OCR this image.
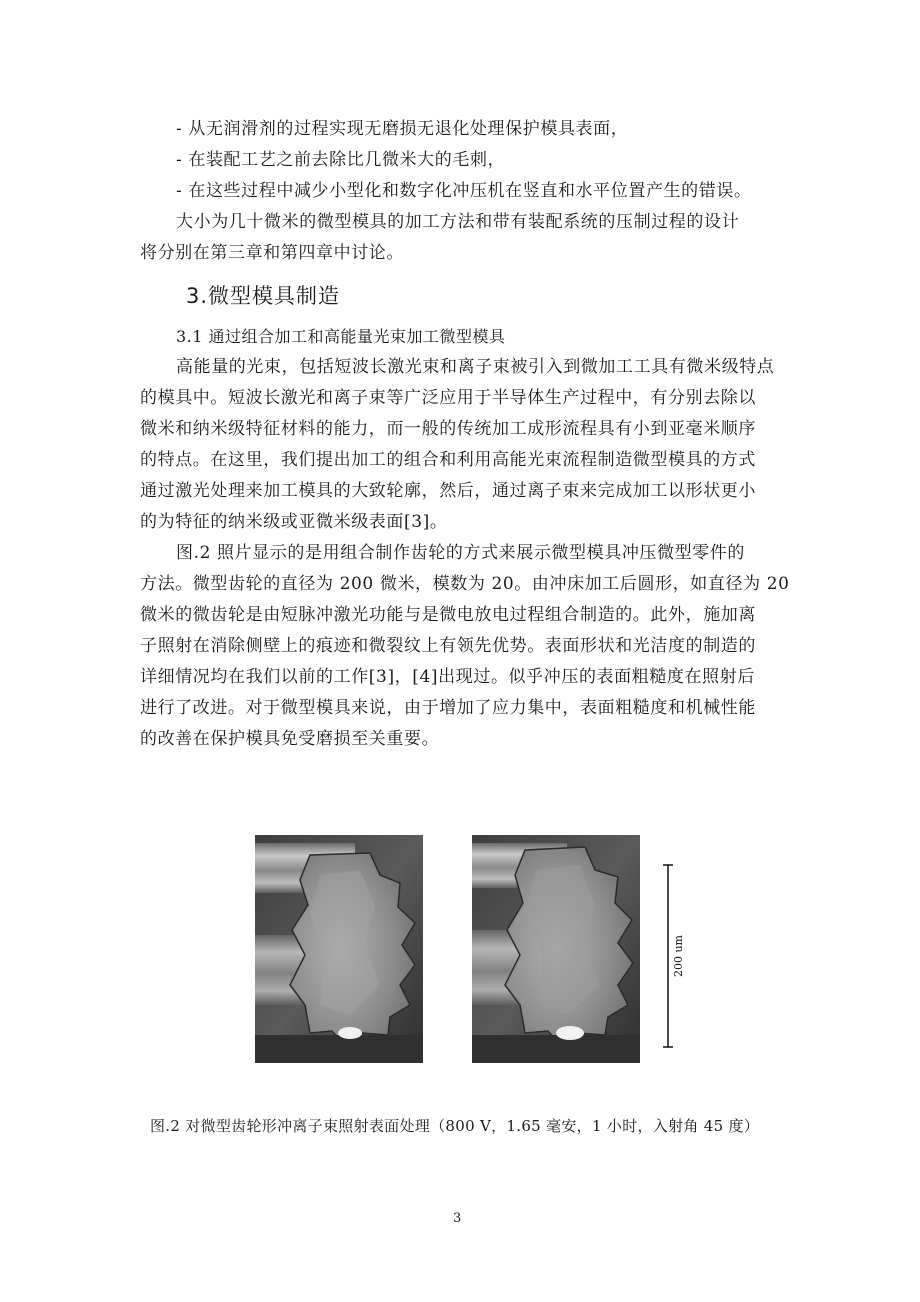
- 从无润滑剂的过程实现无磨损无退化处理保护模具表面，
- 在装配工艺之前去除比几微米大的毛刺，
- 在这些过程中减少小型化和数字化冲压机在竖直和水平位置产生的错误。
大小为几十微米的微型模具的加工方法和带有装配系统的压制过程的设计
将分别在第三章和第四章中讨论。
3.微型模具制造
3.1 通过组合加工和高能量光束加工微型模具
高能量的光束，包括短波长激光束和离子束被引入到微加工工具有微米级特点
的模具中。短波长激光和离子束等广泛应用于半导体生产过程中，有分别去除以
微米和纳米级特征材料的能力，而一般的传统加工成形流程具有小到亚毫米顺序
的特点。在这里，我们提出加工的组合和利用高能光束流程制造微型模具的方式
通过激光处理来加工模具的大致轮廓，然后，通过离子束来完成加工以形状更小
的为特征的纳米级或亚微米级表面[3]。
图.2 照片显示的是用组合制作齿轮的方式来展示微型模具冲压微型零件的
方法。微型齿轮的直径为 200 微米，模数为 20。由冲床加工后圆形，如直径为 20
微米的微齿轮是由短脉冲激光功能与是微电放电过程组合制造的。此外，施加离
子照射在消除侧壁上的痕迹和微裂纹上有领先优势。表面形状和光洁度的制造的
详细情况均在我们以前的工作[3]，[4]出现过。似乎冲压的表面粗糙度在照射后
进行了改进。对于微型模具来说，由于增加了应力集中，表面粗糙度和机械性能
的改善在保护模具免受磨损至关重要。
200 um
图.2 对微型齿轮形冲离子束照射表面处理（800 V，1.65 毫安，1 小时，入射角 45 度）
3
